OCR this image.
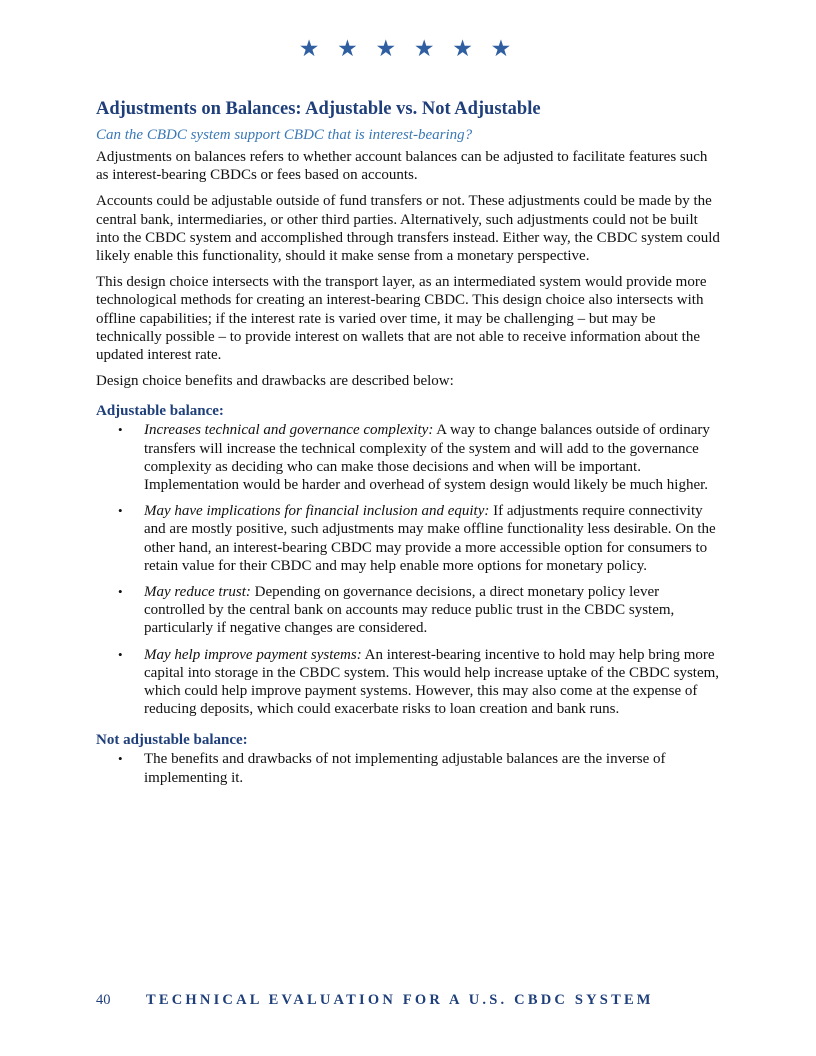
★ ★ ★ ★ ★ ★
Adjustments on Balances: Adjustable vs. Not Adjustable
Can the CBDC system support CBDC that is interest-bearing?

Adjustments on balances refers to whether account balances can be adjusted to facilitate features such as interest-bearing CBDCs or fees based on accounts.

Accounts could be adjustable outside of fund transfers or not. These adjustments could be made by the central bank, intermediaries, or other third parties. Alternatively, such adjustments could not be built into the CBDC system and accomplished through transfers instead. Either way, the CBDC system could likely enable this functionality, should it make sense from a monetary perspective.

This design choice intersects with the transport layer, as an intermediated system would provide more technological methods for creating an interest-bearing CBDC. This design choice also intersects with offline capabilities; if the interest rate is varied over time, it may be challenging – but may be technically possible – to provide interest on wallets that are not able to receive information about the updated interest rate.

Design choice benefits and drawbacks are described below:

Adjustable balance:
• Increases technical and governance complexity: A way to change balances outside of ordinary transfers will increase the technical complexity of the system and will add to the governance complexity as deciding who can make those decisions and when will be important. Implementation would be harder and overhead of system design would likely be much higher.
• May have implications for financial inclusion and equity: If adjustments require connectivity and are mostly positive, such adjustments may make offline functionality less desirable. On the other hand, an interest-bearing CBDC may provide a more accessible option for consumers to retain value for their CBDC and may help enable more options for monetary policy.
• May reduce trust: Depending on governance decisions, a direct monetary policy lever controlled by the central bank on accounts may reduce public trust in the CBDC system, particularly if negative changes are considered.
• May help improve payment systems: An interest-bearing incentive to hold may help bring more capital into storage in the CBDC system. This would help increase uptake of the CBDC system, which could help improve payment systems. However, this may also come at the expense of reducing deposits, which could exacerbate risks to loan creation and bank runs.
Not adjustable balance:
• The benefits and drawbacks of not implementing adjustable balances are the inverse of implementing it.
40 TECHNICAL EVALUATION FOR A U.S. CBDC SYSTEM
